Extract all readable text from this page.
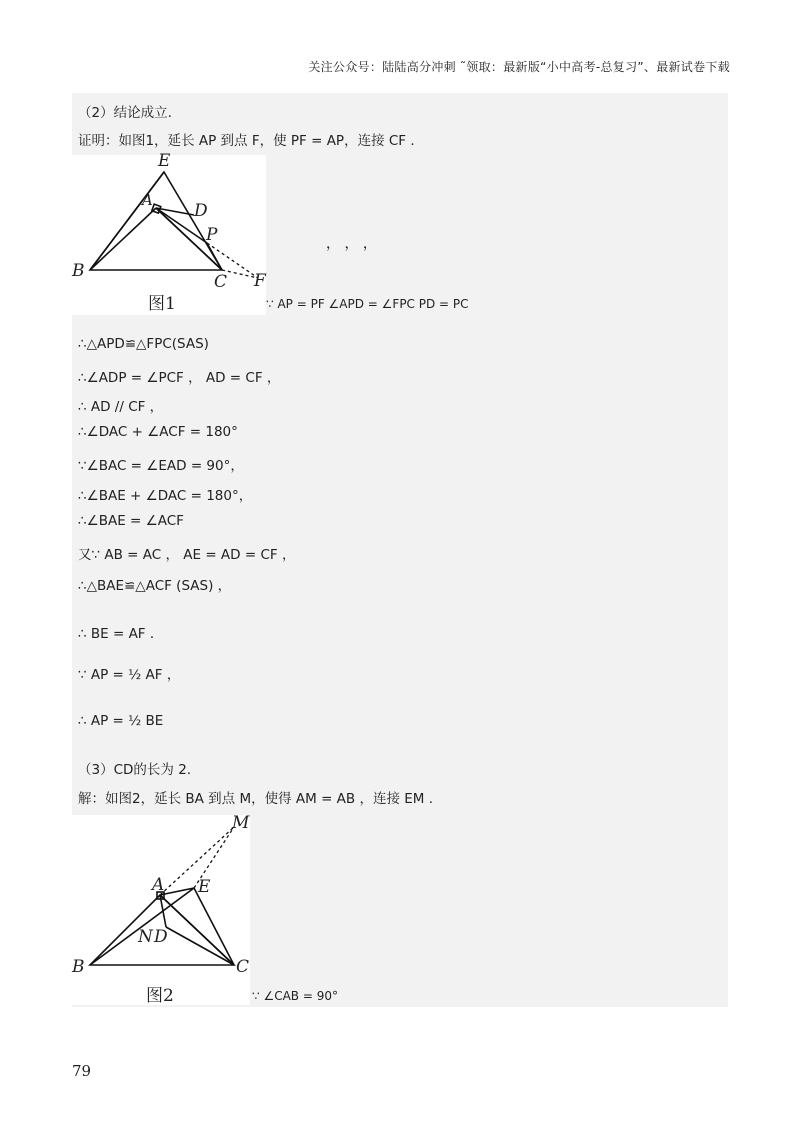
关注公众号：陆陆高分冲刺 ˜领取：最新版“小中高考-总复习”、最新试卷下载
（2）结论成立.
证明：如图1，延长 AP 到点 F，使 PF = AP，连接 CF .
E
A
D
P
B
C F
图1
， ， ，
∵ AP = PF ∠APD = ∠FPC PD = PC
∴△APD≌△FPC(SAS)
∴∠ADP = ∠PCF ， AD = CF ，
∴ AD // CF ，
∴∠DAC + ∠ACF = 180°
∵∠BAC = ∠EAD = 90°，
∴∠BAE + ∠DAC = 180°，
∴∠BAE = ∠ACF
又∵ AB = AC ， AE = AD = CF ，
∴△BAE≌△ACF (SAS) ，
∴ BE = AF ．
∵ AP = ½ AF ，
∴ AP = ½ BE
（3）CD的长为 2.
解：如图2，延长 BA 到点 M，使得 AM = AB ，连接 EM .
M
A E
N D
B	C
图2	∵ ∠CAB = 90°
79
